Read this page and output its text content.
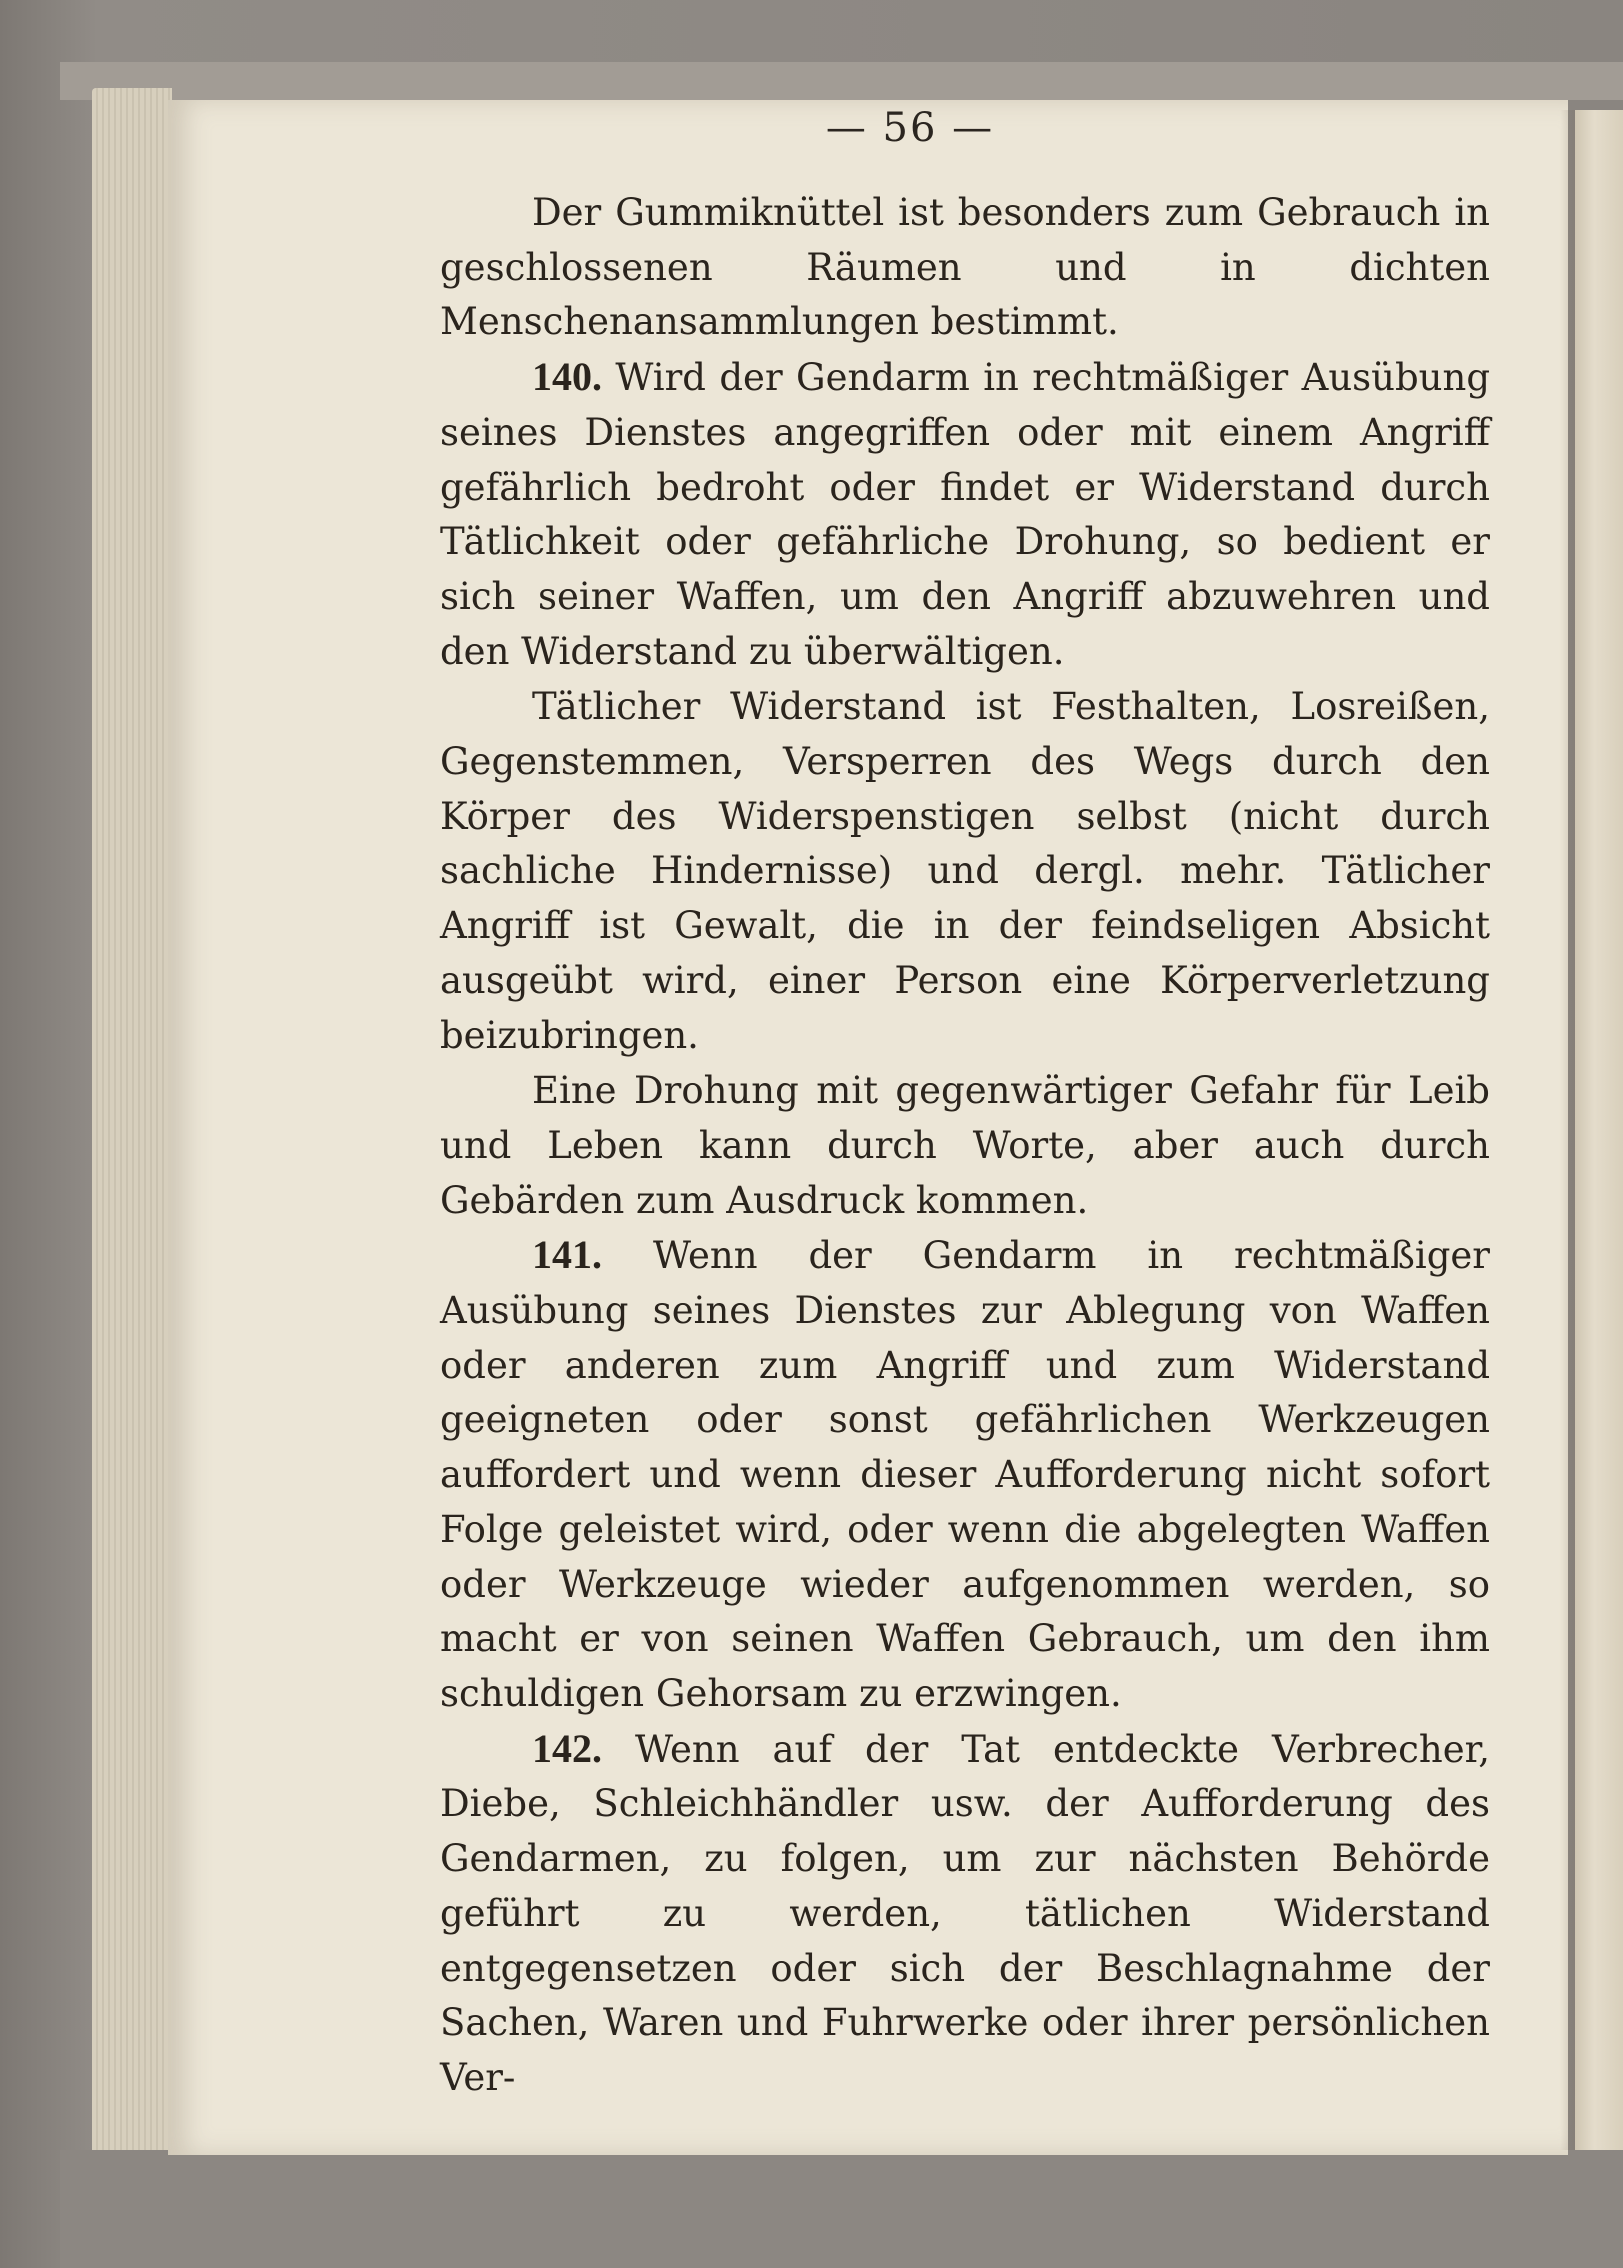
— 56 —

Der Gummiknüttel ist besonders zum Gebrauch in geschlossenen Räumen und in dichten Menschenansammlungen bestimmt.

140. Wird der Gendarm in rechtmäßiger Ausübung seines Dienstes angegriffen oder mit einem Angriff gefährlich bedroht oder findet er Widerstand durch Tätlichkeit oder gefährliche Drohung, so bedient er sich seiner Waffen, um den Angriff abzuwehren und den Widerstand zu überwältigen.

Tätlicher Widerstand ist Festhalten, Losreißen, Gegenstemmen, Versperren des Wegs durch den Körper des Widerspenstigen selbst (nicht durch sachliche Hindernisse) und dergl. mehr. Tätlicher Angriff ist Gewalt, die in der feindseligen Absicht ausgeübt wird, einer Person eine Körperverletzung beizubringen.

Eine Drohung mit gegenwärtiger Gefahr für Leib und Leben kann durch Worte, aber auch durch Gebärden zum Ausdruck kommen.

141. Wenn der Gendarm in rechtmäßiger Ausübung seines Dienstes zur Ablegung von Waffen oder anderen zum Angriff und zum Widerstand geeigneten oder sonst gefährlichen Werkzeugen auffordert und wenn dieser Aufforderung nicht sofort Folge geleistet wird, oder wenn die abgelegten Waffen oder Werkzeuge wieder aufgenommen werden, so macht er von seinen Waffen Gebrauch, um den ihm schuldigen Gehorsam zu erzwingen.

142. Wenn auf der Tat entdeckte Verbrecher, Diebe, Schleichhändler usw. der Aufforderung des Gendarmen, zu folgen, um zur nächsten Behörde geführt zu werden, tätlichen Widerstand entgegensetzen oder sich der Beschlagnahme der Sachen, Waren und Fuhrwerke oder ihrer persönlichen Ver-
